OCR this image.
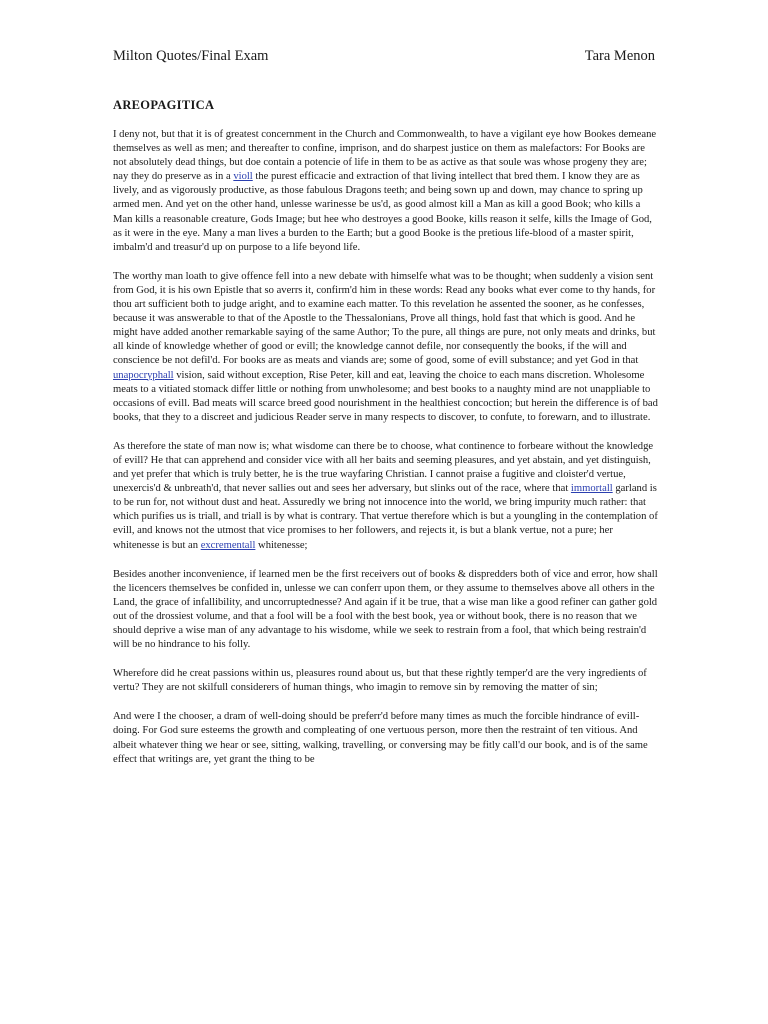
Milton Quotes/Final Exam	Tara Menon
AREOPAGITICA

I deny not, but that it is of greatest concernment in the Church and Commonwealth, to have a vigilant eye how Bookes demeane themselves as well as men; and thereafter to confine, imprison, and do sharpest justice on them as malefactors: For Books are not absolutely dead things, but doe contain a potencie of life in them to be as active as that soule was whose progeny they are; nay they do preserve as in a violl the purest efficacie and extraction of that living intellect that bred them. I know they are as lively, and as vigorously productive, as those fabulous Dragons teeth; and being sown up and down, may chance to spring up armed men. And yet on the other hand, unlesse warinesse be us'd, as good almost kill a Man as kill a good Book; who kills a Man kills a reasonable creature, Gods Image; but hee who destroyes a good Booke, kills reason it selfe, kills the Image of God, as it were in the eye. Many a man lives a burden to the Earth; but a good Booke is the pretious life-blood of a master spirit, imbalm'd and treasur'd up on purpose to a life beyond life.

The worthy man loath to give offence fell into a new debate with himselfe what was to be thought; when suddenly a vision sent from God, it is his own Epistle that so averrs it, confirm'd him in these words: Read any books what ever come to thy hands, for thou art sufficient both to judge aright, and to examine each matter. To this revelation he assented the sooner, as he confesses, because it was answerable to that of the Apostle to the Thessalonians, Prove all things, hold fast that which is good. And he might have added another remarkable saying of the same Author; To the pure, all things are pure, not only meats and drinks, but all kinde of knowledge whether of good or evill; the knowledge cannot defile, nor consequently the books, if the will and conscience be not defil'd. For books are as meats and viands are; some of good, some of evill substance; and yet God in that unapocryphall vision, said without exception, Rise Peter, kill and eat, leaving the choice to each mans discretion. Wholesome meats to a vitiated stomack differ little or nothing from unwholesome; and best books to a naughty mind are not unappliable to occasions of evill. Bad meats will scarce breed good nourishment in the healthiest concoction; but herein the difference is of bad books, that they to a discreet and judicious Reader serve in many respects to discover, to confute, to forewarn, and to illustrate.

As therefore the state of man now is; what wisdome can there be to choose, what continence to forbeare without the knowledge of evill? He that can apprehend and consider vice with all her baits and seeming pleasures, and yet abstain, and yet distinguish, and yet prefer that which is truly better, he is the true wayfaring Christian. I cannot praise a fugitive and cloister'd vertue, unexercis'd & unbreath'd, that never sallies out and sees her adversary, but slinks out of the race, where that immortall garland is to be run for, not without dust and heat. Assuredly we bring not innocence into the world, we bring impurity much rather: that which purifies us is triall, and triall is by what is contrary. That vertue therefore which is but a youngling in the contemplation of evill, and knows not the utmost that vice promises to her followers, and rejects it, is but a blank vertue, not a pure; her whitenesse is but an excrementall whitenesse;

Besides another inconvenience, if learned men be the first receivers out of books & dispredders both of vice and error, how shall the licencers themselves be confided in, unlesse we can conferr upon them, or they assume to themselves above all others in the Land, the grace of infallibility, and uncorruptednesse? And again if it be true, that a wise man like a good refiner can gather gold out of the drossiest volume, and that a fool will be a fool with the best book, yea or without book, there is no reason that we should deprive a wise man of any advantage to his wisdome, while we seek to restrain from a fool, that which being restrain'd will be no hindrance to his folly.

Wherefore did he creat passions within us, pleasures round about us, but that these rightly temper'd are the very ingredients of vertu? They are not skilfull considerers of human things, who imagin to remove sin by removing the matter of sin;

And were I the chooser, a dram of well-doing should be preferr'd before many times as much the forcible hindrance of evill-doing. For God sure esteems the growth and compleating of one vertuous person, more then the restraint of ten vitious. And albeit whatever thing we hear or see, sitting, walking, travelling, or conversing may be fitly call'd our book, and is of the same effect that writings are, yet grant the thing to be
